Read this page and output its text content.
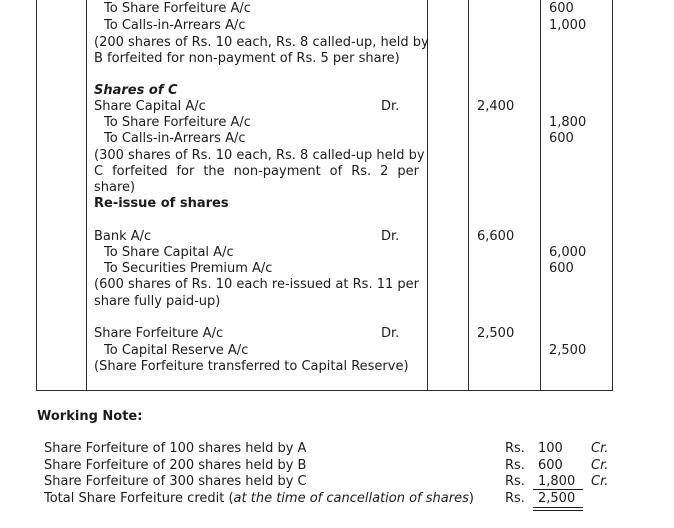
To Share Forfeiture A/c	600
To Calls-in-Arrears A/c	1,000
(200 shares of Rs. 10 each, Rs. 8 called-up, held by
B forfeited for non-payment of Rs. 5 per share)
Shares of C
Share Capital A/c	Dr.	2,400
To Share Forfeiture A/c	1,800
To Calls-in-Arrears A/c	600
(300 shares of Rs. 10 each, Rs. 8 called-up held by
C forfeited for the non-payment of Rs. 2 per
share)
Re-issue of shares
Bank A/c	Dr.	6,600
To Share Capital A/c	6,000
To Securities Premium A/c	600
(600 shares of Rs. 10 each re-issued at Rs. 11 per
share fully paid-up)
Share Forfeiture A/c	Dr.	2,500
To Capital Reserve A/c	2,500
(Share Forfeiture transferred to Capital Reserve)
Working Note:
Share Forfeiture of 100 shares held by A	Rs. 100 Cr.
Share Forfeiture of 200 shares held by B	Rs. 600 Cr.
Share Forfeiture of 300 shares held by C	Rs. 1,800 Cr.
Total Share Forfeiture credit (at the time of cancellation of shares) Rs. 2,500
